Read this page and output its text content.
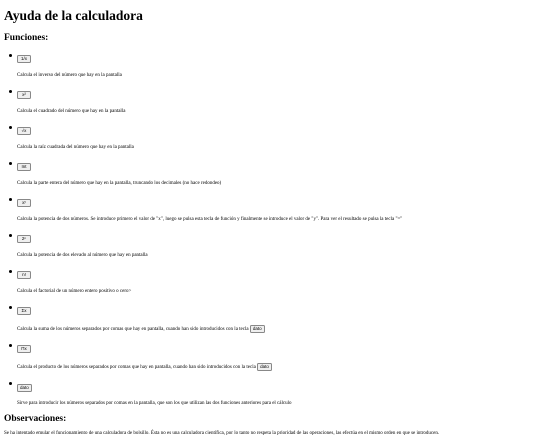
Ayuda de la calculadora
Funciones:
1/x

Calcula el inverso del número que hay en la pantalla

x²

Calcula el cuadrado del número que hay en la pantalla

√x

Calcula la raíz cuadrada del número que hay en la pantalla

Int

Calcula la parte entera del número que hay en la pantalla, truncando los decimales (no hace redondeo)

xʸ

Calcula la potencia de dos números. Se introduce primero el valor de "x", luego se pulsa esta tecla de función y finalmente se introduce el valor de "y". Para ver el resultado se pulsa la tecla "="

2ⁿ

Calcula la potencia de dos elevado al número que hay en pantalla

n!

Calcula el factorial de un número entero positivo o cero>

Σx

Calcula la suma de los números separados por comas que hay en pantalla, cuando han sido introducidos con la tecla dato

Πx

Calcula el producto de los números separados por comas que hay en pantalla, cuando han sido introducidos con la tecla dato

dato

Sirve para introducir los números separados por comas en la pantalla, que son los que utilizan las dos funciones anteriores para el cálculo

Observaciones:

Se ha intentado emular el funcionamiento de una calculadora de bolsillo. Ésta no es una calculadora científica, por lo tanto no respeta la prioridad de las operaciones, las efectúa en el mismo orden en que se introducen.
